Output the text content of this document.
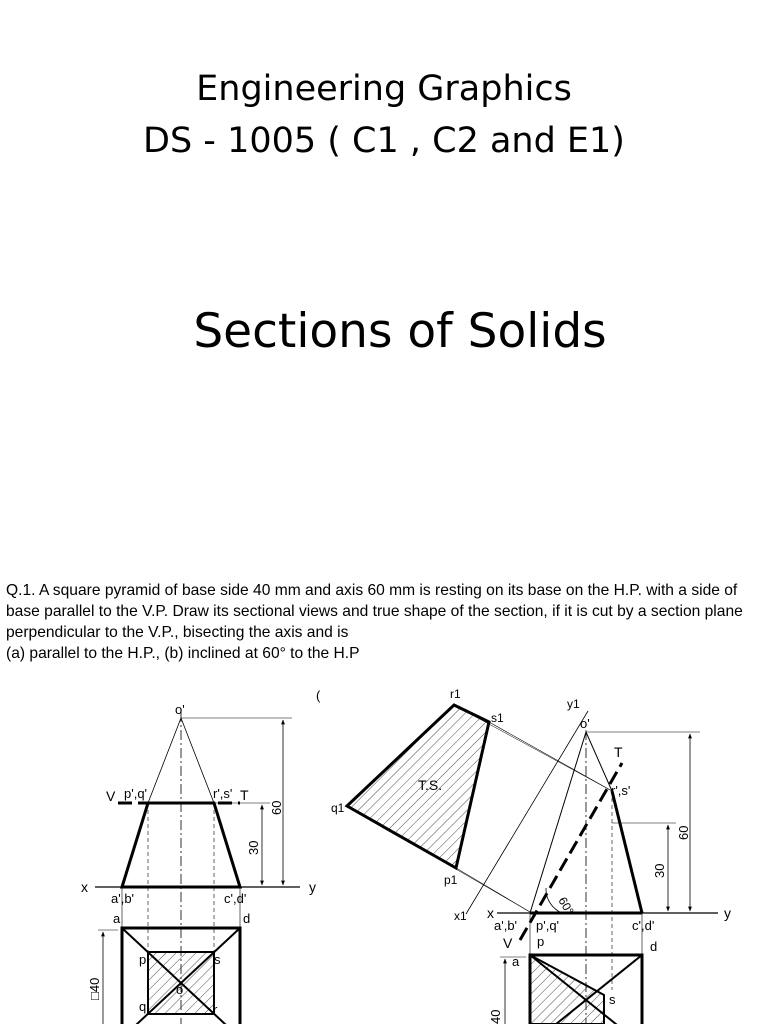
Engineering Graphics
DS - 1005 ( C1 , C2 and E1)
Sections of Solids

Q.1. A square pyramid of base side 40 mm and axis 60 mm is resting on its base on the H.P. with a side of base parallel to the V.P. Draw its sectional views and true shape of the section, if it is cut by a section plane perpendicular to the V.P., bisecting the axis and is

(a) parallel to the H.P., (b) inclined at 60° to the H.P

o'
V p',q'	r',s' T
x	y
a',b'	c',d'
a	d
p	s
o
q	r
60
30
□40
(
T.S.
r1
s1
q1
p1
x1
y1
o'
T
r',s'
60°
x	y
a',b' p',q'	c',d'
V p
a
d
s
60
30
40
